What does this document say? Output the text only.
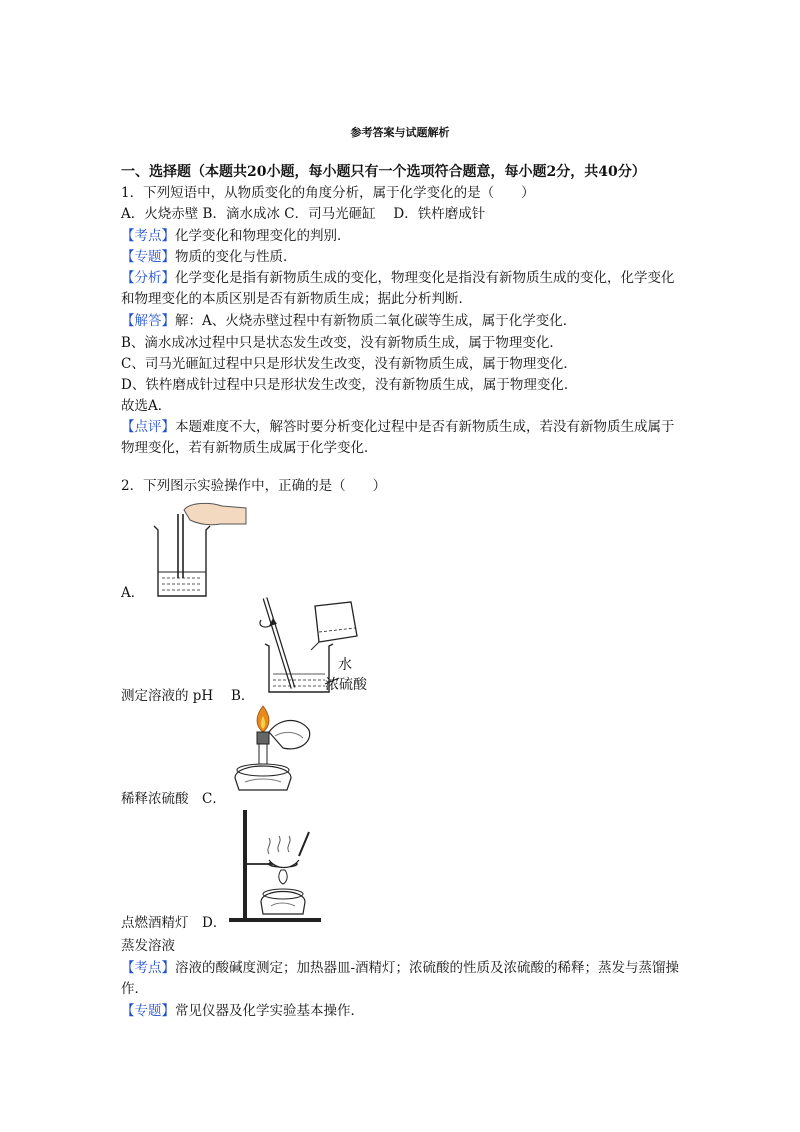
参考答案与试题解析
一、选择题（本题共20小题，每小题只有一个选项符合题意，每小题2分，共40分）
1．下列短语中，从物质变化的角度分析，属于化学变化的是（　　）
A．火烧赤壁 B．滴水成冰 C．司马光砸缸　 D．铁杵磨成针
【考点】化学变化和物理变化的判别．
【专题】物质的变化与性质．
【分析】化学变化是指有新物质生成的变化，物理变化是指没有新物质生成的变化，化学变化
和物理变化的本质区别是否有新物质生成；据此分析判断．
【解答】解：A、火烧赤壁过程中有新物质二氧化碳等生成，属于化学变化．
B、滴水成冰过程中只是状态发生改变，没有新物质生成，属于物理变化．
C、司马光砸缸过程中只是形状发生改变，没有新物质生成，属于物理变化．
D、铁杵磨成针过程中只是形状发生改变，没有新物质生成，属于物理变化．
故选A．
【点评】本题难度不大，解答时要分析变化过程中是否有新物质生成，若没有新物质生成属于
物理变化，若有新物质生成属于化学变化．
2．下列图示实验操作中，正确的是（　　）
A．
水
浓硫酸
测定溶液的 pH　 B．
稀释浓硫酸　C．
点燃酒精灯　D．
蒸发溶液
【考点】溶液的酸碱度测定；加热器皿-酒精灯；浓硫酸的性质及浓硫酸的稀释；蒸发与蒸馏操
作．
【专题】常见仪器及化学实验基本操作．
